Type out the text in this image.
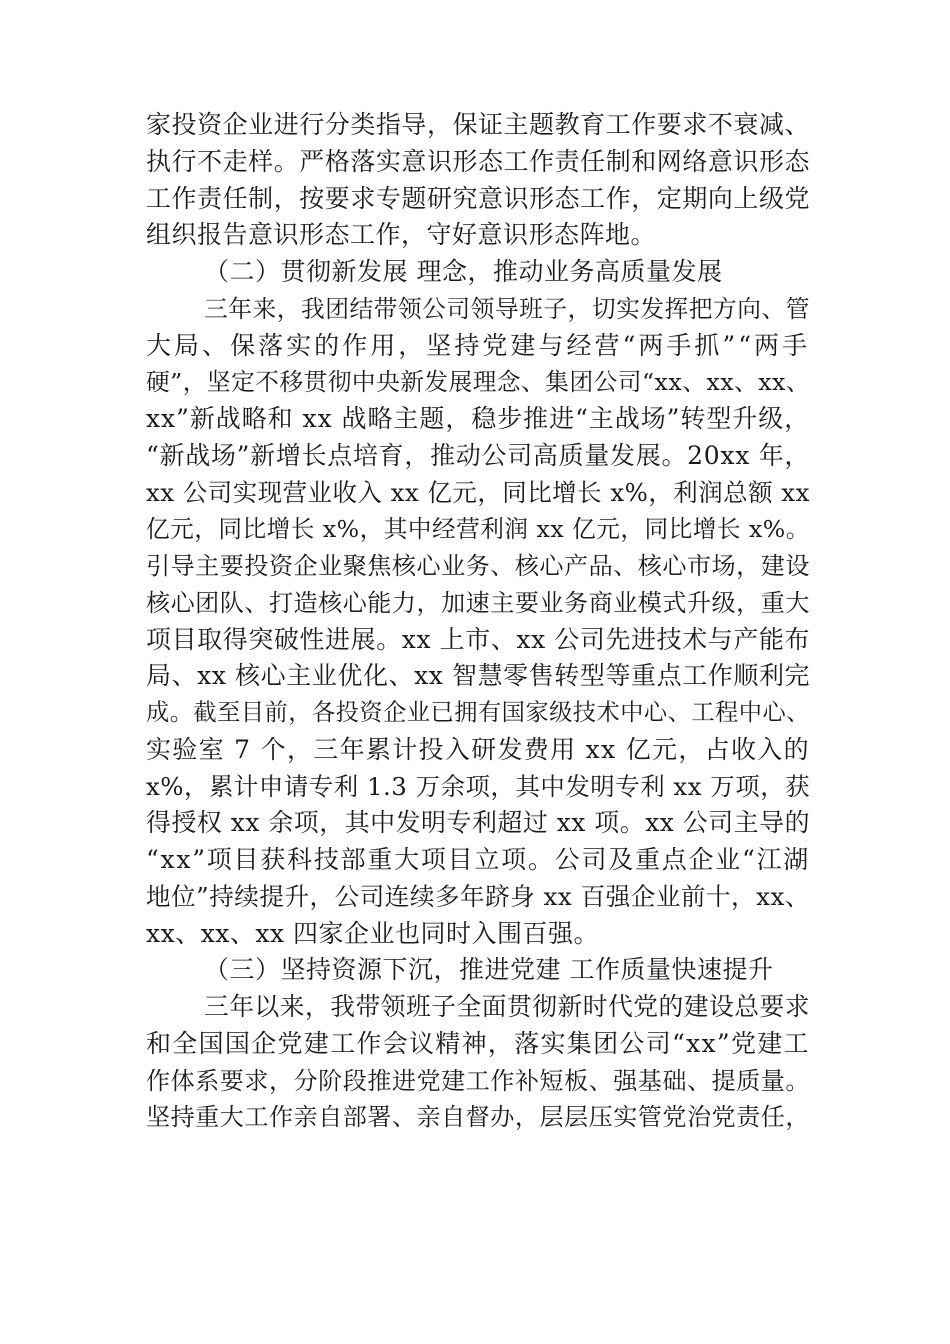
家投资企业进行分类指导，保证主题教育工作要求不衰减、
执行不走样。严格落实意识形态工作责任制和网络意识形态
工作责任制，按要求专题研究意识形态工作，定期向上级党
组织报告意识形态工作，守好意识形态阵地。
（二）贯彻新发展 理念，推动业务高质量发展
三年来，我团结带领公司领导班子，切实发挥把方向、管
大局、保落实的作用，坚持党建与经营“两手抓”“两手
硬”，坚定不移贯彻中央新发展理念、集团公司“xx、xx、xx、
xx”新战略和 xx 战略主题，稳步推进“主战场”转型升级，
“新战场”新增长点培育，推动公司高质量发展。20xx 年，
xx 公司实现营业收入 xx 亿元，同比增长 x%，利润总额 xx
亿元，同比增长 x%，其中经营利润 xx 亿元，同比增长 x%。
引导主要投资企业聚焦核心业务、核心产品、核心市场，建设
核心团队、打造核心能力，加速主要业务商业模式升级，重大
项目取得突破性进展。xx 上市、xx 公司先进技术与产能布
局、xx 核心主业优化、xx 智慧零售转型等重点工作顺利完
成。截至目前，各投资企业已拥有国家级技术中心、工程中心、
实验室 7 个，三年累计投入研发费用 xx 亿元，占收入的
x%，累计申请专利 1.3 万余项，其中发明专利 xx 万项，获
得授权 xx 余项，其中发明专利超过 xx 项。xx 公司主导的
“xx”项目获科技部重大项目立项。公司及重点企业“江湖
地位”持续提升，公司连续多年跻身 xx 百强企业前十，xx、
xx、xx、xx 四家企业也同时入围百强。
（三）坚持资源下沉，推进党建 工作质量快速提升
三年以来，我带领班子全面贯彻新时代党的建设总要求
和全国国企党建工作会议精神，落实集团公司“xx”党建工
作体系要求，分阶段推进党建工作补短板、强基础、提质量。
坚持重大工作亲自部署、亲自督办，层层压实管党治党责任，
